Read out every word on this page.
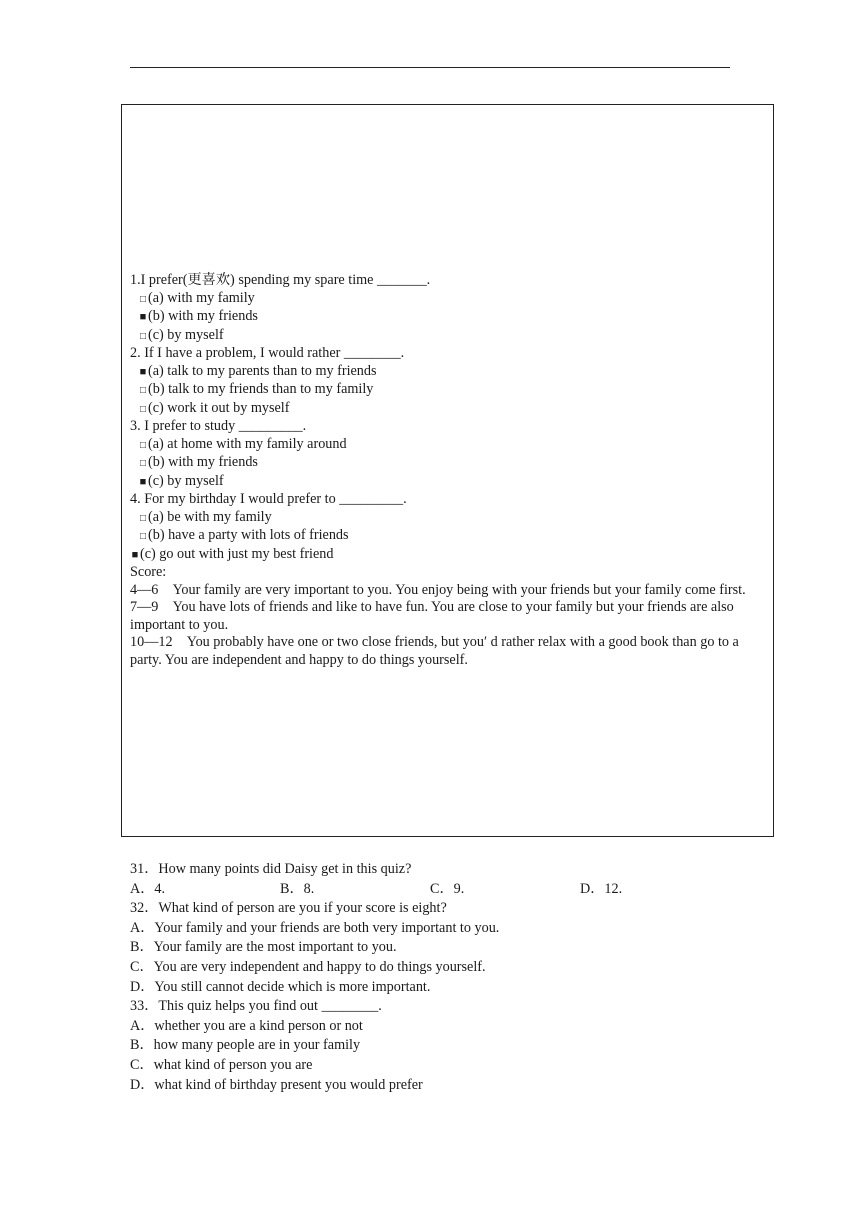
1.I prefer(更喜欢) spending my spare time _______.
□ (a) with my family
■ (b) with my friends
□ (c) by myself
2. If I have a problem, I would rather ________.
■ (a) talk to my parents than to my friends
□ (b) talk to my friends than to my family
□ (c) work it out by myself
3. I prefer to study _________.
□ (a) at home with my family around
□ (b) with my friends
■ (c) by myself
4. For my birthday I would prefer to _________.
□ (a) be with my family
□ (b) have a party with lots of friends
■ (c) go out with just my best friend
Score:
4—6 Your family are very important to you. You enjoy being with your friends but your family come first.
7—9 You have lots of friends and like to have fun. You are close to your family but your friends are also important to you.
10—12 You probably have one or two close friends, but you′ d rather relax with a good book than go to a party. You are independent and happy to do things yourself.
31．How many points did Daisy get in this quiz?
A．4.	B．8.	C．9.	D．12.
32．What kind of person are you if your score is eight?
A．Your family and your friends are both very important to you.
B．Your family are the most important to you.
C．You are very independent and happy to do things yourself.
D．You still cannot decide which is more important.
33．This quiz helps you find out ________.
A．whether you are a kind person or not
B．how many people are in your family
C．what kind of person you are
D．what kind of birthday present you would prefer
